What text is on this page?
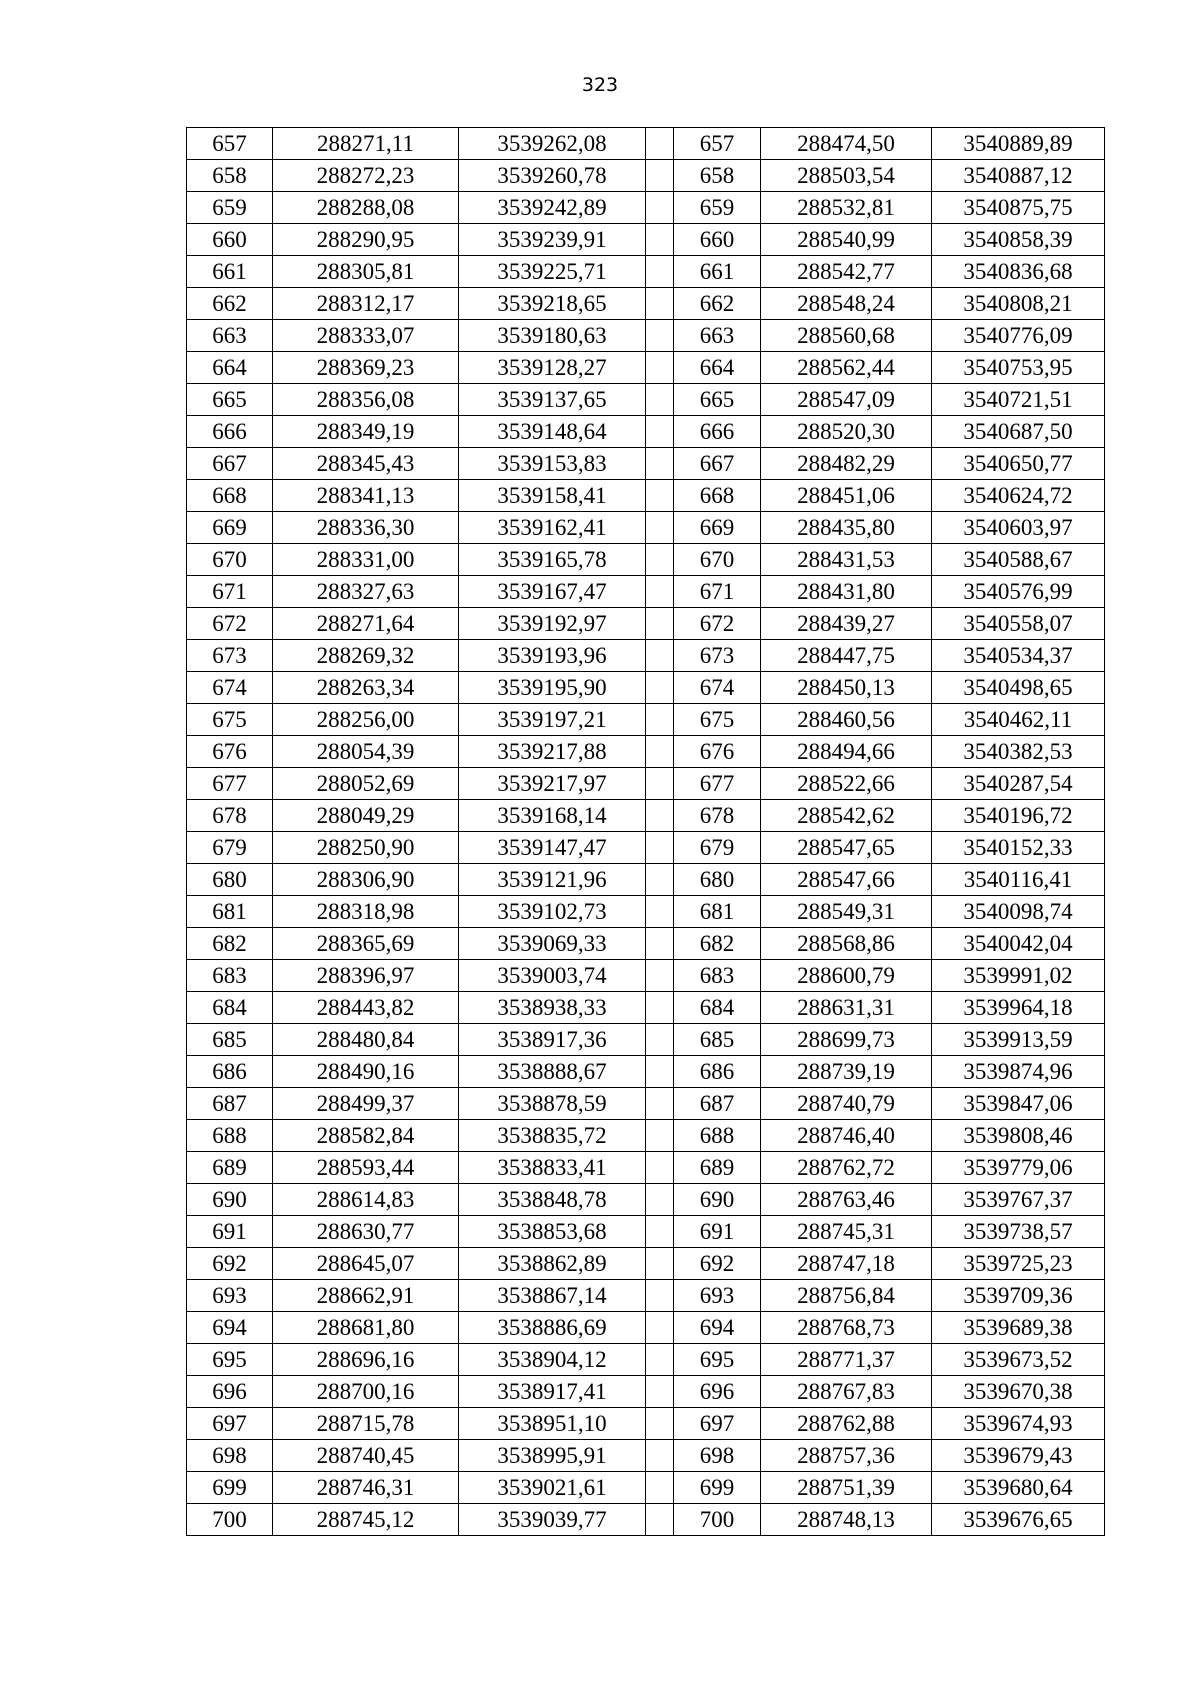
323
657	288271,11	3539262,08		657	288474,50	3540889,89
658	288272,23	3539260,78		658	288503,54	3540887,12
659	288288,08	3539242,89		659	288532,81	3540875,75
660	288290,95	3539239,91		660	288540,99	3540858,39
661	288305,81	3539225,71		661	288542,77	3540836,68
662	288312,17	3539218,65		662	288548,24	3540808,21
663	288333,07	3539180,63		663	288560,68	3540776,09
664	288369,23	3539128,27		664	288562,44	3540753,95
665	288356,08	3539137,65		665	288547,09	3540721,51
666	288349,19	3539148,64		666	288520,30	3540687,50
667	288345,43	3539153,83		667	288482,29	3540650,77
668	288341,13	3539158,41		668	288451,06	3540624,72
669	288336,30	3539162,41		669	288435,80	3540603,97
670	288331,00	3539165,78		670	288431,53	3540588,67
671	288327,63	3539167,47		671	288431,80	3540576,99
672	288271,64	3539192,97		672	288439,27	3540558,07
673	288269,32	3539193,96		673	288447,75	3540534,37
674	288263,34	3539195,90		674	288450,13	3540498,65
675	288256,00	3539197,21		675	288460,56	3540462,11
676	288054,39	3539217,88		676	288494,66	3540382,53
677	288052,69	3539217,97		677	288522,66	3540287,54
678	288049,29	3539168,14		678	288542,62	3540196,72
679	288250,90	3539147,47		679	288547,65	3540152,33
680	288306,90	3539121,96		680	288547,66	3540116,41
681	288318,98	3539102,73		681	288549,31	3540098,74
682	288365,69	3539069,33		682	288568,86	3540042,04
683	288396,97	3539003,74		683	288600,79	3539991,02
684	288443,82	3538938,33		684	288631,31	3539964,18
685	288480,84	3538917,36		685	288699,73	3539913,59
686	288490,16	3538888,67		686	288739,19	3539874,96
687	288499,37	3538878,59		687	288740,79	3539847,06
688	288582,84	3538835,72		688	288746,40	3539808,46
689	288593,44	3538833,41		689	288762,72	3539779,06
690	288614,83	3538848,78		690	288763,46	3539767,37
691	288630,77	3538853,68		691	288745,31	3539738,57
692	288645,07	3538862,89		692	288747,18	3539725,23
693	288662,91	3538867,14		693	288756,84	3539709,36
694	288681,80	3538886,69		694	288768,73	3539689,38
695	288696,16	3538904,12		695	288771,37	3539673,52
696	288700,16	3538917,41		696	288767,83	3539670,38
697	288715,78	3538951,10		697	288762,88	3539674,93
698	288740,45	3538995,91		698	288757,36	3539679,43
699	288746,31	3539021,61		699	288751,39	3539680,64
700	288745,12	3539039,77		700	288748,13	3539676,65
